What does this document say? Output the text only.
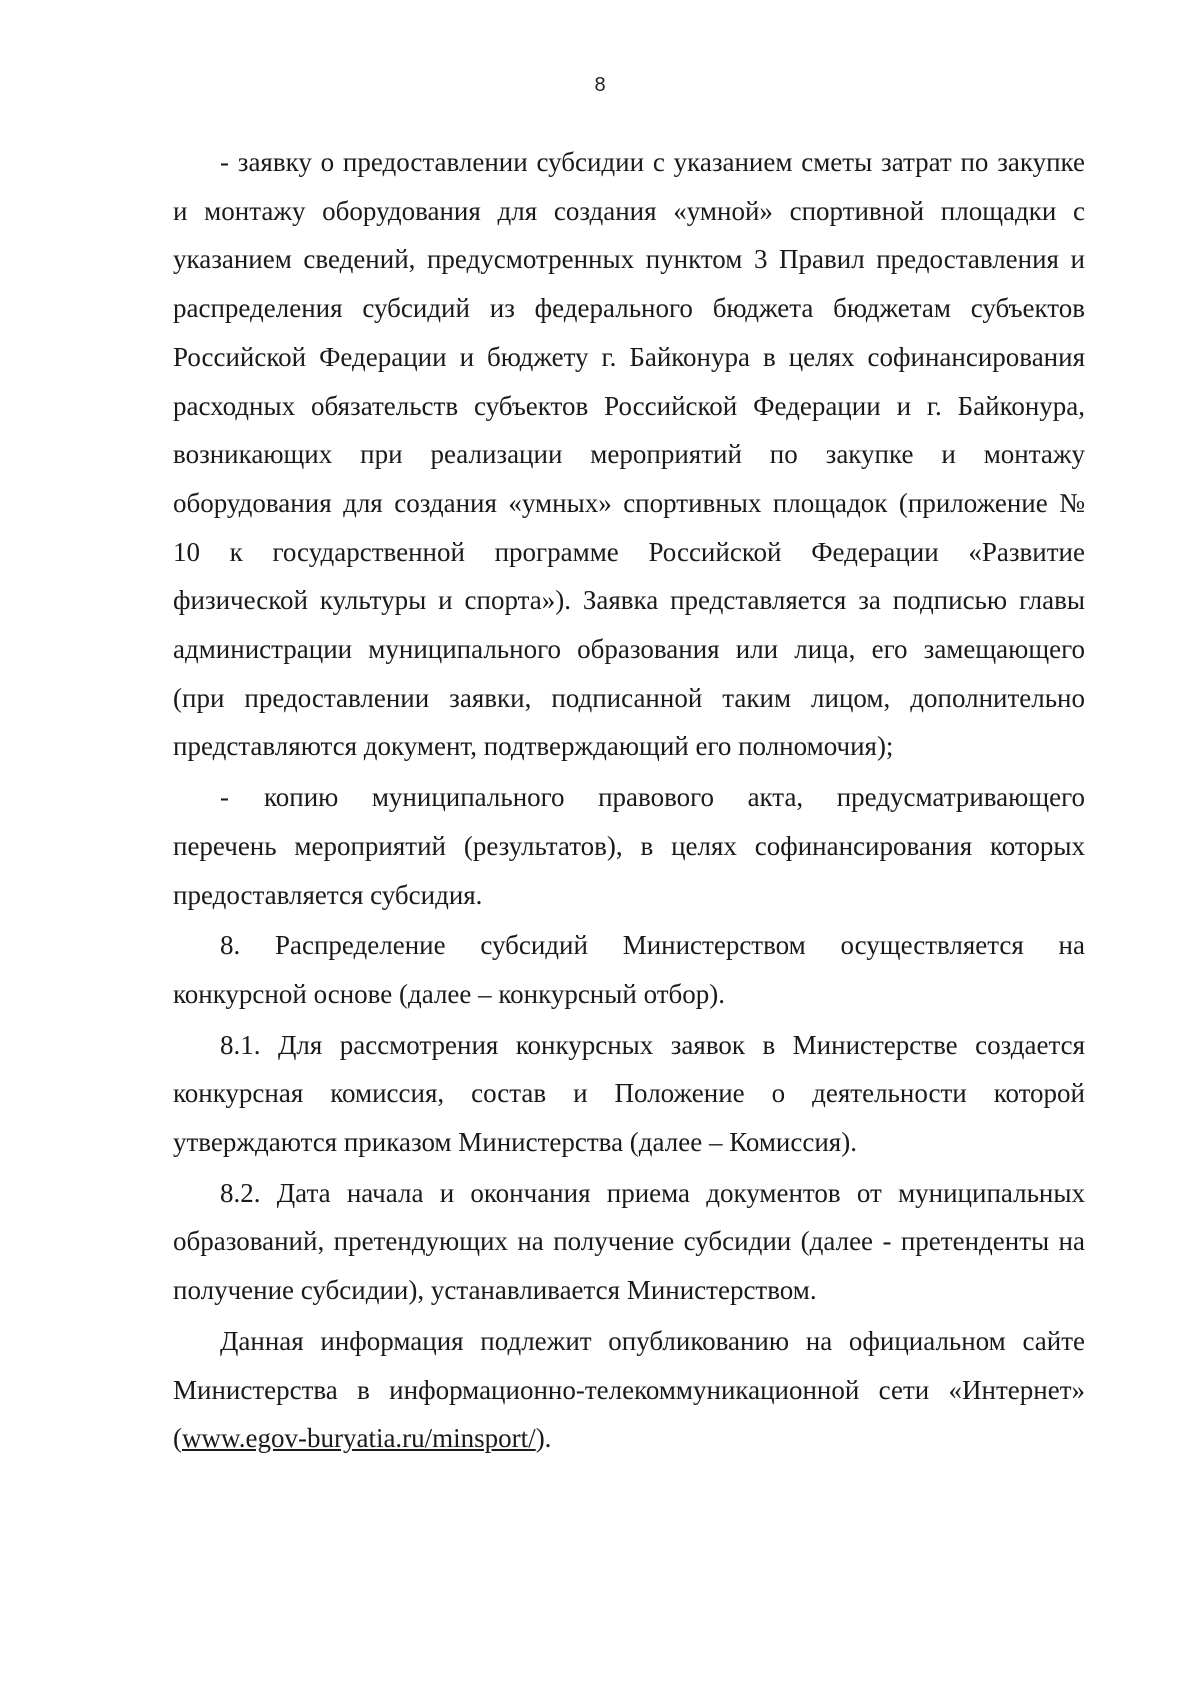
8

- заявку о предоставлении субсидии с указанием сметы затрат по закупке и монтажу оборудования для создания «умной» спортивной площадки с указанием сведений, предусмотренных пунктом 3 Правил предоставления и распределения субсидий из федерального бюджета бюджетам субъектов Российской Федерации и бюджету г. Байконура в целях софинансирования расходных обязательств субъектов Российской Федерации и г. Байконура, возникающих при реализации мероприятий по закупке и монтажу оборудования для создания «умных» спортивных площадок (приложение № 10 к государственной программе Российской Федерации «Развитие физической культуры и спорта»). Заявка представляется за подписью главы администрации муниципального образования или лица, его замещающего (при предоставлении заявки, подписанной таким лицом, дополнительно представляются документ, подтверждающий его полномочия);

- копию муниципального правового акта, предусматривающего перечень мероприятий (результатов), в целях софинансирования которых предоставляется субсидия.

8. Распределение субсидий Министерством осуществляется на конкурсной основе (далее – конкурсный отбор).

8.1. Для рассмотрения конкурсных заявок в Министерстве создается конкурсная комиссия, состав и Положение о деятельности которой утверждаются приказом Министерства (далее – Комиссия).

8.2. Дата начала и окончания приема документов от муниципальных образований, претендующих на получение субсидии (далее - претенденты на получение субсидии), устанавливается Министерством.

Данная информация подлежит опубликованию на официальном сайте Министерства в информационно-телекоммуникационной сети «Интернет» (www.egov-buryatia.ru/minsport/).
